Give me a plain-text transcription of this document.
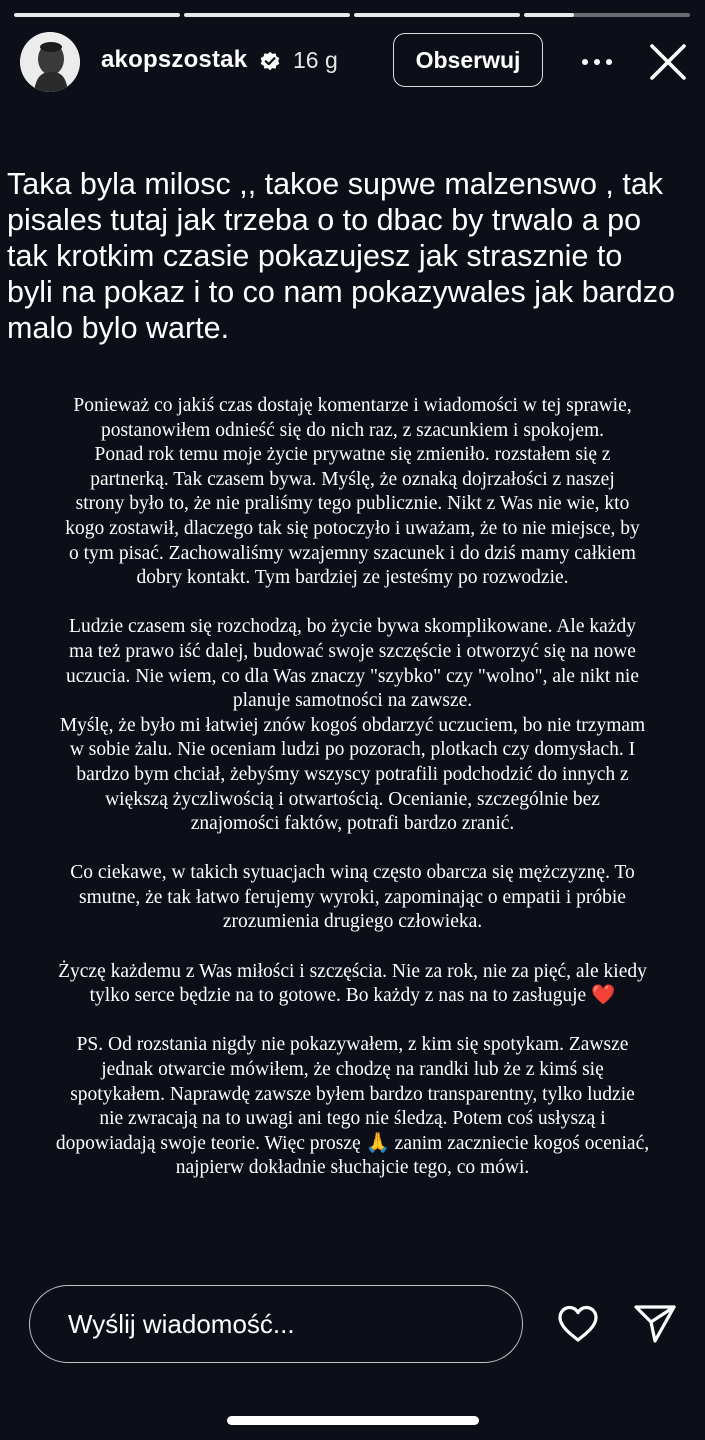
akopszostak 16 g	Obserwuj
Taka byla milosc ,, takoe supwe malzenswo , tak
pisales tutaj jak trzeba o to dbac by trwalo a po
tak krotkim czasie pokazujesz jak strasznie to
byli na pokaz i to co nam pokazywales jak bardzo
malo bylo warte.

Ponieważ co jakiś czas dostaję komentarze i wiadomości w tej sprawie,
postanowiłem odnieść się do nich raz, z szacunkiem i spokojem.
Ponad rok temu moje życie prywatne się zmieniło. rozstałem się z
partnerką. Tak czasem bywa. Myślę, że oznaką dojrzałości z naszej
strony było to, że nie praliśmy tego publicznie. Nikt z Was nie wie, kto
kogo zostawił, dlaczego tak się potoczyło i uważam, że to nie miejsce, by
o tym pisać. Zachowaliśmy wzajemny szacunek i do dziś mamy całkiem
dobry kontakt. Tym bardziej ze jesteśmy po rozwodzie.

Ludzie czasem się rozchodzą, bo życie bywa skomplikowane. Ale każdy
ma też prawo iść dalej, budować swoje szczęście i otworzyć się na nowe
uczucia. Nie wiem, co dla Was znaczy "szybko" czy "wolno", ale nikt nie
planuje samotności na zawsze.
Myślę, że było mi łatwiej znów kogoś obdarzyć uczuciem, bo nie trzymam
w sobie żalu. Nie oceniam ludzi po pozorach, plotkach czy domysłach. I
bardzo bym chciał, żebyśmy wszyscy potrafili podchodzić do innych z
większą życzliwością i otwartością. Ocenianie, szczególnie bez
znajomości faktów, potrafi bardzo zranić.

Co ciekawe, w takich sytuacjach winą często obarcza się mężczyznę. To
smutne, że tak łatwo ferujemy wyroki, zapominając o empatii i próbie
zrozumienia drugiego człowieka.

Życzę każdemu z Was miłości i szczęścia. Nie za rok, nie za pięć, ale kiedy
tylko serce będzie na to gotowe. Bo każdy z nas na to zasługuje ❤️

PS. Od rozstania nigdy nie pokazywałem, z kim się spotykam. Zawsze
jednak otwarcie mówiłem, że chodzę na randki lub że z kimś się
spotykałem. Naprawdę zawsze byłem bardzo transparentny, tylko ludzie
nie zwracają na to uwagi ani tego nie śledzą. Potem coś usłyszą i
dopowiadają swoje teorie. Więc proszę 🙏 zanim zaczniecie kogoś oceniać,
najpierw dokładnie słuchajcie tego, co mówi.

Wyślij wiadomość...
